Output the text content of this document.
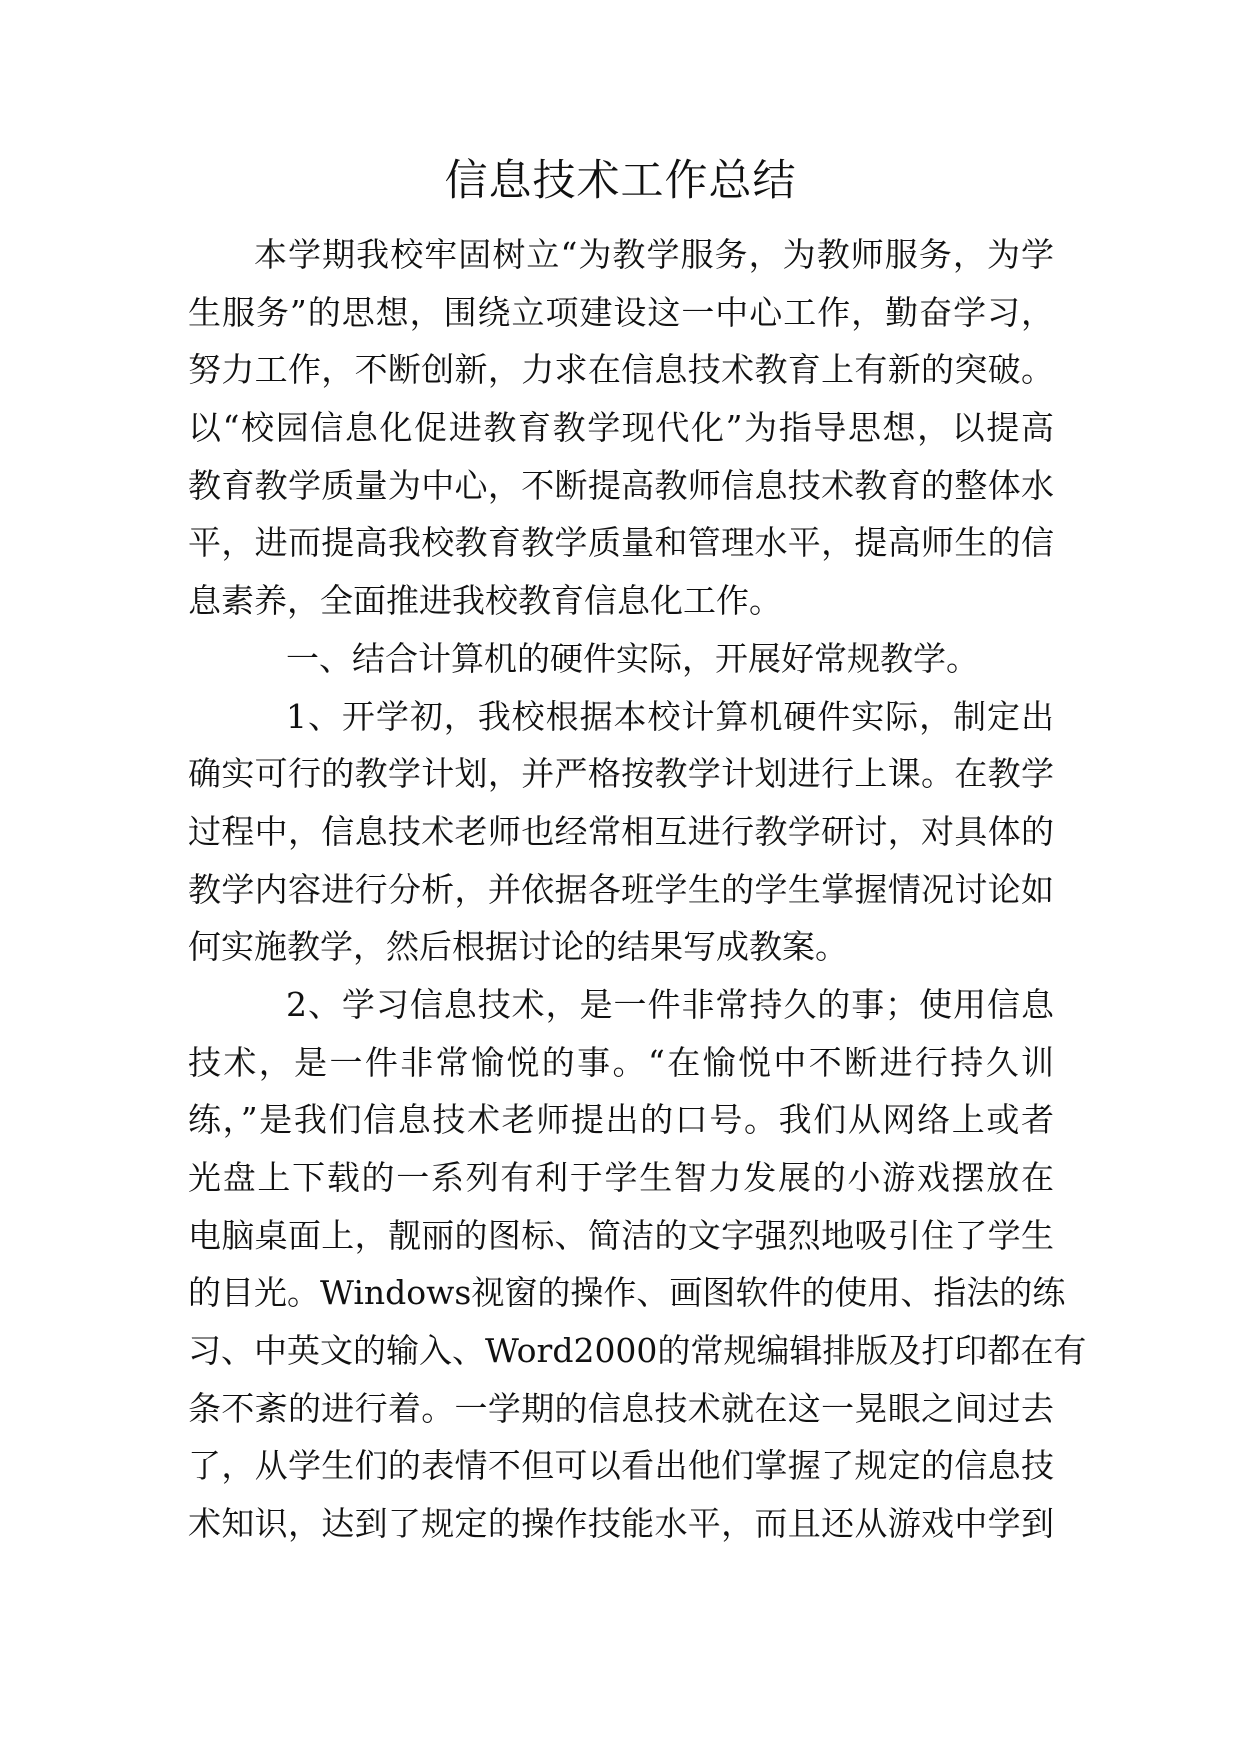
信息技术工作总结
本学期我校牢固树立“为教学服务，为教师服务，为学
生服务”的思想，围绕立项建设这一中心工作，勤奋学习，
努力工作，不断创新，力求在信息技术教育上有新的突破。
以“校园信息化促进教育教学现代化”为指导思想，以提高
教育教学质量为中心，不断提高教师信息技术教育的整体水
平，进而提高我校教育教学质量和管理水平，提高师生的信
息素养，全面推进我校教育信息化工作。
一、结合计算机的硬件实际，开展好常规教学。
1、开学初，我校根据本校计算机硬件实际，制定出
确实可行的教学计划，并严格按教学计划进行上课。在教学
过程中，信息技术老师也经常相互进行教学研讨，对具体的
教学内容进行分析，并依据各班学生的学生掌握情况讨论如
何实施教学，然后根据讨论的结果写成教案。
2、学习信息技术，是一件非常持久的事；使用信息
技术，是一件非常愉悦的事。“在愉悦中不断进行持久训
练，”是我们信息技术老师提出的口号。我们从网络上或者
光盘上下载的一系列有利于学生智力发展的小游戏摆放在
电脑桌面上，靓丽的图标、简洁的文字强烈地吸引住了学生
的目光。Windows视窗的操作、画图软件的使用、指法的练
习、中英文的输入、Word2000的常规编辑排版及打印都在有
条不紊的进行着。一学期的信息技术就在这一晃眼之间过去
了，从学生们的表情不但可以看出他们掌握了规定的信息技
术知识，达到了规定的操作技能水平，而且还从游戏中学到
